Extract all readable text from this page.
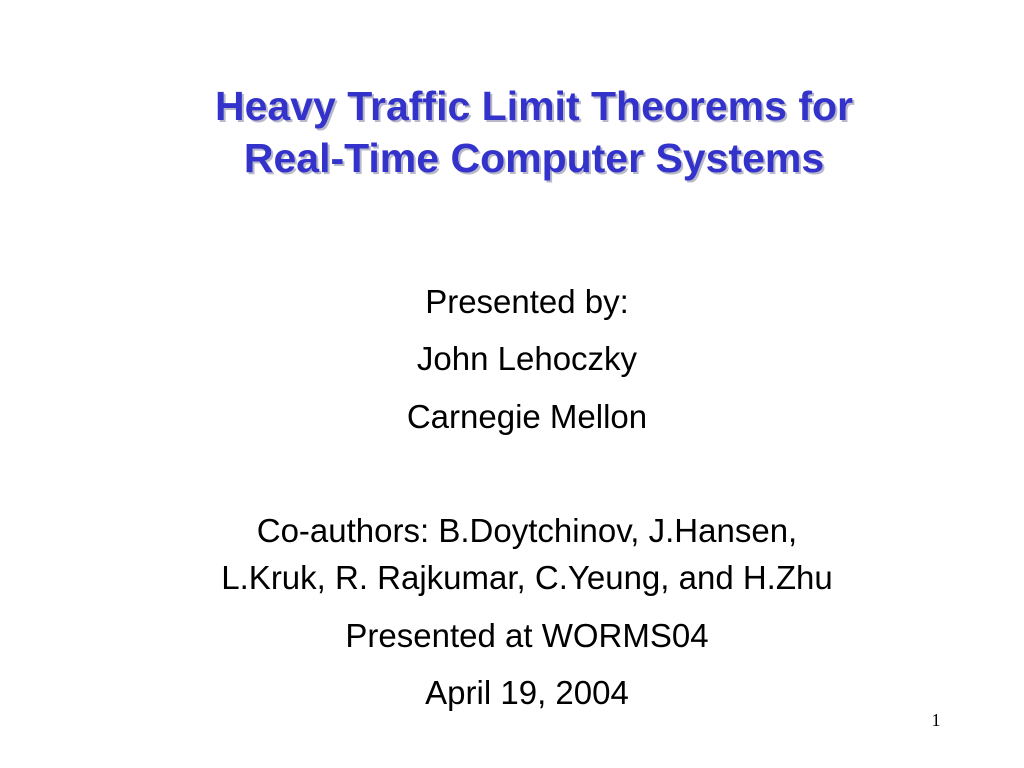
Heavy Traffic Limit Theorems for
Real-Time Computer Systems
Presented by:
John Lehoczky
Carnegie Mellon
Co-authors: B.Doytchinov, J.Hansen,
L.Kruk, R. Rajkumar, C.Yeung, and H.Zhu
Presented at WORMS04
April 19, 2004
1
